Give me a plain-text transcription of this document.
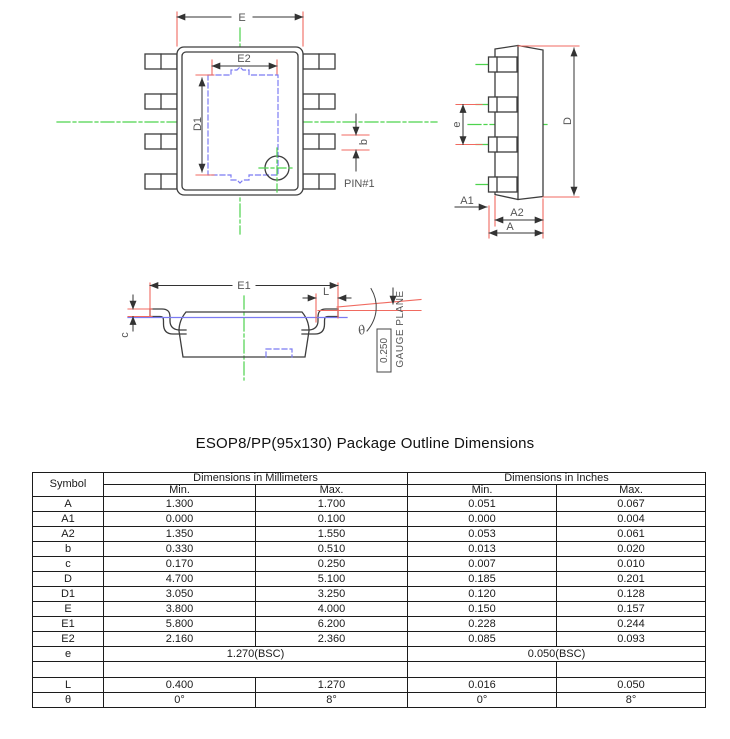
E
E2
D1
PIN#1
b
e	D
A1
A2
A
E1	L
c	θ
0.250 GAUGE PLANE
ESOP8/PP(95x130) Package Outline Dimensions
Symbol	Dimensions in Millimeters		Dimensions in Inches	
	Min.	Max.	Min.	Max.
A	1.300	1.700	0.051	0.067
A1	0.000	0.100	0.000	0.004
A2	1.350	1.550	0.053	0.061
b	0.330	0.510	0.013	0.020
c	0.170	0.250	0.007	0.010
D	4.700	5.100	0.185	0.201
D1	3.050	3.250	0.120	0.128
E	3.800	4.000	0.150	0.157
E1	5.800	6.200	0.228	0.244
E2	2.160	2.360	0.085	0.093
e	1.270(BSC)		0.050(BSC)	

L	0.400	1.270	0.016	0.050
θ	0°	8°	0°	8°
